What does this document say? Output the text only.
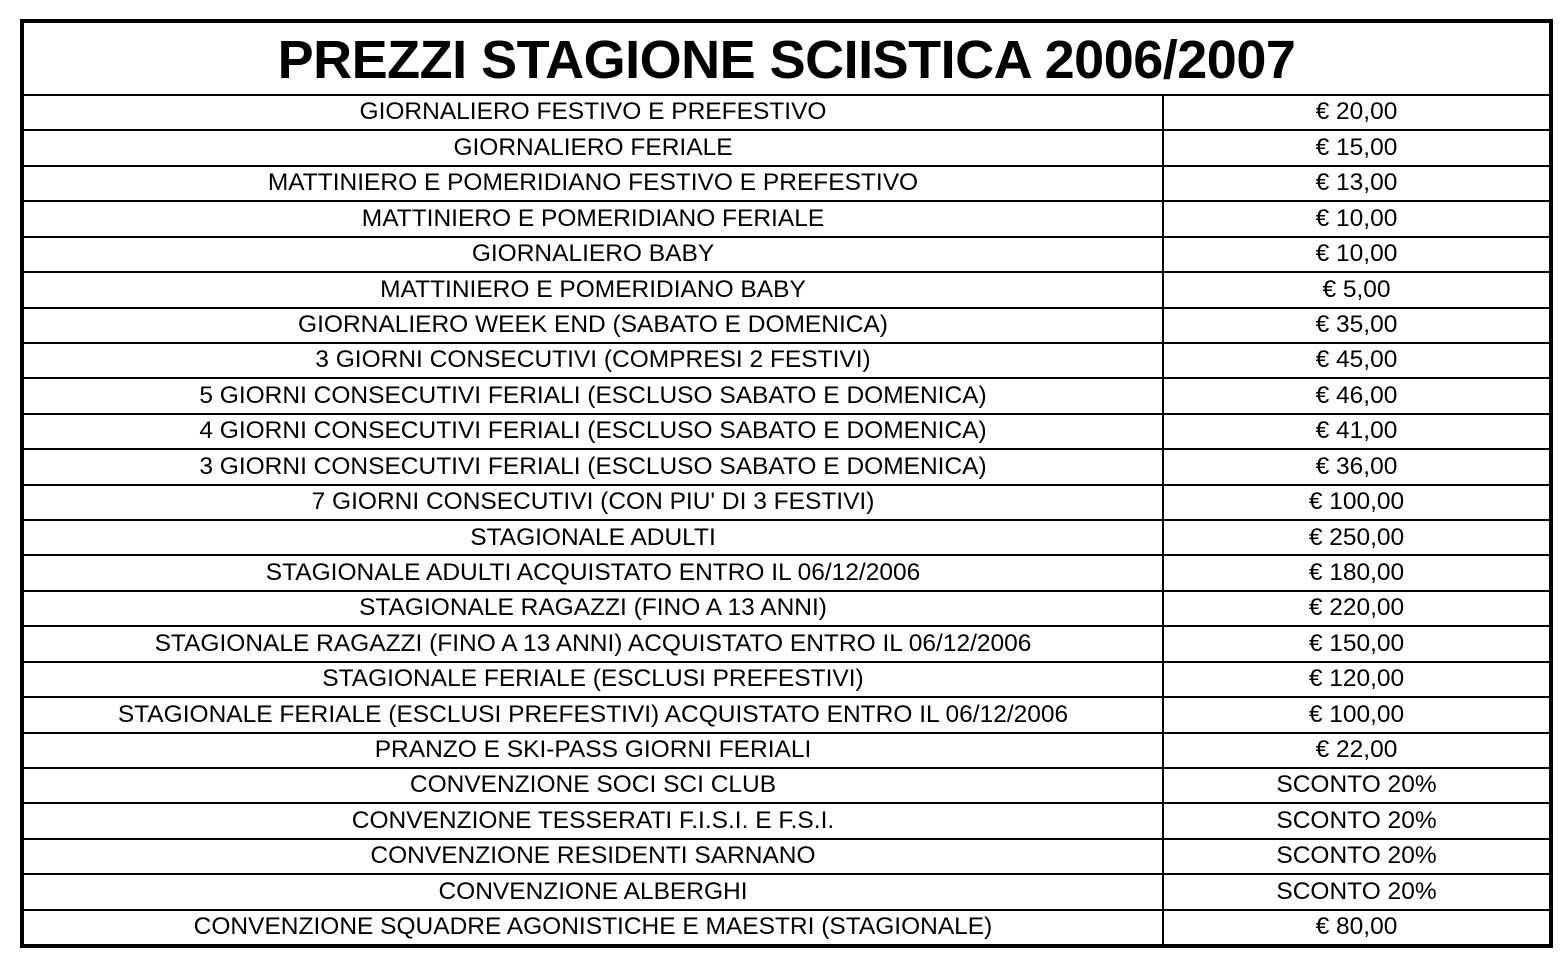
PREZZI STAGIONE SCIISTICA 2006/2007
GIORNALIERO FESTIVO E PREFESTIVO	€ 20,00
GIORNALIERO FERIALE	€ 15,00
MATTINIERO E POMERIDIANO FESTIVO E PREFESTIVO	€ 13,00
MATTINIERO E POMERIDIANO FERIALE	€ 10,00
GIORNALIERO BABY	€ 10,00
MATTINIERO E POMERIDIANO BABY	€ 5,00
GIORNALIERO WEEK END (SABATO E DOMENICA)	€ 35,00
3 GIORNI CONSECUTIVI (COMPRESI 2 FESTIVI)	€ 45,00
5 GIORNI CONSECUTIVI FERIALI (ESCLUSO SABATO E DOMENICA)	€ 46,00
4 GIORNI CONSECUTIVI FERIALI (ESCLUSO SABATO E DOMENICA)	€ 41,00
3 GIORNI CONSECUTIVI FERIALI (ESCLUSO SABATO E DOMENICA)	€ 36,00
7 GIORNI CONSECUTIVI (CON PIU' DI 3 FESTIVI)	€ 100,00
STAGIONALE ADULTI	€ 250,00
STAGIONALE ADULTI ACQUISTATO ENTRO IL 06/12/2006	€ 180,00
STAGIONALE RAGAZZI (FINO A 13 ANNI)	€ 220,00
STAGIONALE RAGAZZI (FINO A 13 ANNI) ACQUISTATO ENTRO IL 06/12/2006	€ 150,00
STAGIONALE FERIALE (ESCLUSI PREFESTIVI)	€ 120,00
STAGIONALE FERIALE (ESCLUSI PREFESTIVI) ACQUISTATO ENTRO IL 06/12/2006	€ 100,00
PRANZO E SKI-PASS GIORNI FERIALI	€ 22,00
CONVENZIONE SOCI SCI CLUB	SCONTO 20%
CONVENZIONE TESSERATI F.I.S.I. E F.S.I.	SCONTO 20%
CONVENZIONE RESIDENTI SARNANO	SCONTO 20%
CONVENZIONE ALBERGHI	SCONTO 20%
CONVENZIONE SQUADRE AGONISTICHE E MAESTRI (STAGIONALE)	€ 80,00
